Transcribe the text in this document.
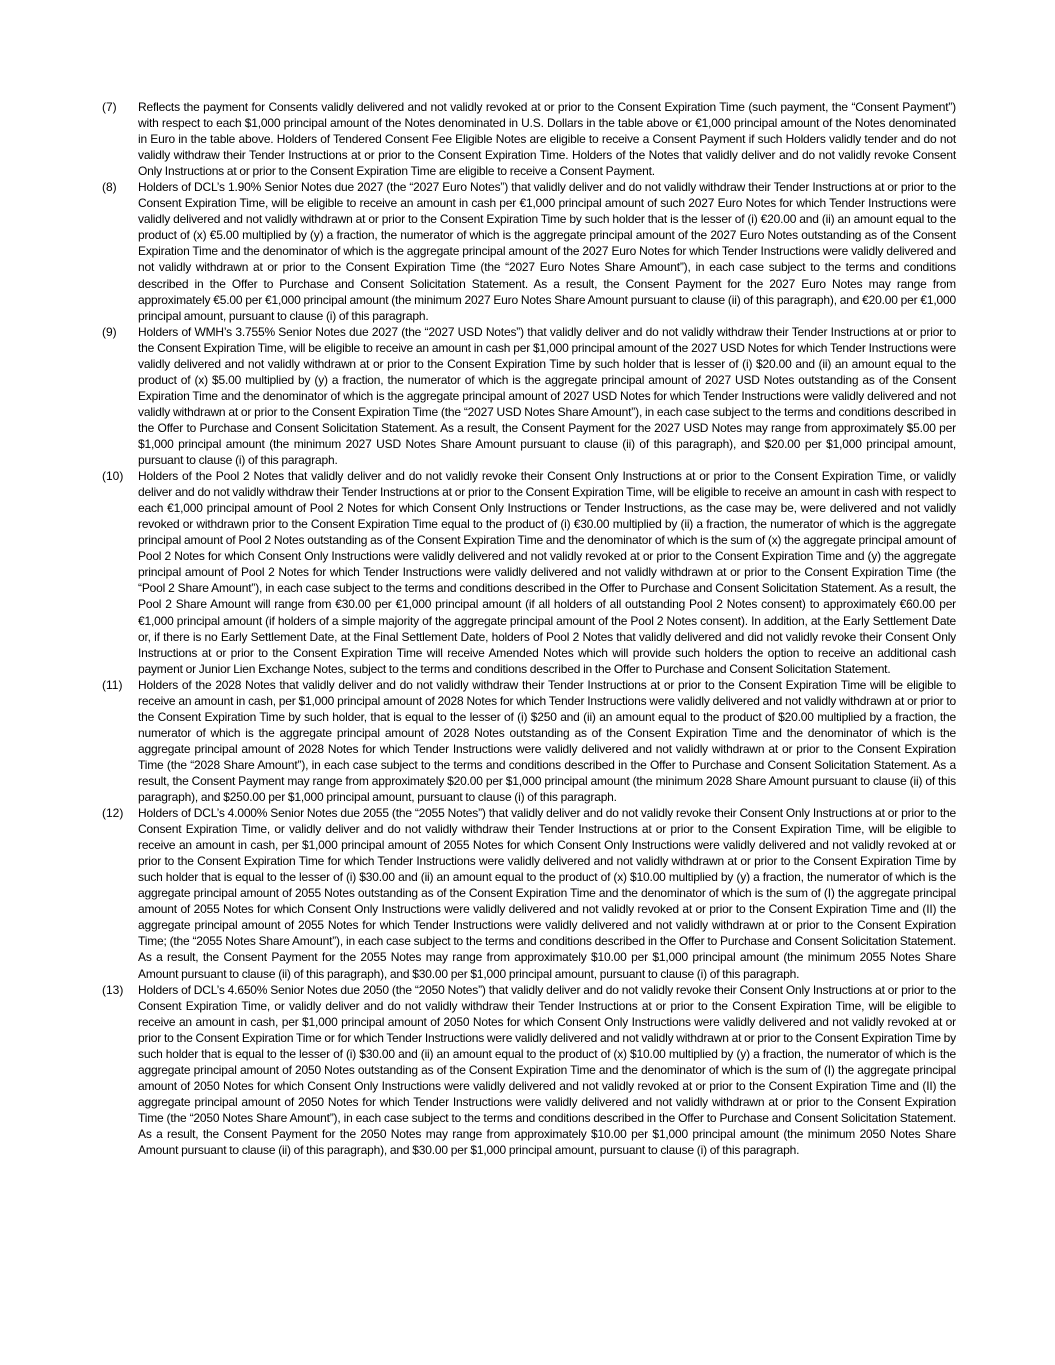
(7) Reflects the payment for Consents validly delivered and not validly revoked at or prior to the Consent Expiration Time (such payment, the “Consent Payment”) with respect to each $1,000 principal amount of the Notes denominated in U.S. Dollars in the table above or €1,000 principal amount of the Notes denominated in Euro in the table above. Holders of Tendered Consent Fee Eligible Notes are eligible to receive a Consent Payment if such Holders validly tender and do not validly withdraw their Tender Instructions at or prior to the Consent Expiration Time. Holders of the Notes that validly deliver and do not validly revoke Consent Only Instructions at or prior to the Consent Expiration Time are eligible to receive a Consent Payment.
(8) Holders of DCL’s 1.90% Senior Notes due 2027 (the “2027 Euro Notes”) that validly deliver and do not validly withdraw their Tender Instructions at or prior to the Consent Expiration Time, will be eligible to receive an amount in cash per €1,000 principal amount of such 2027 Euro Notes for which Tender Instructions were validly delivered and not validly withdrawn at or prior to the Consent Expiration Time by such holder that is the lesser of (i) €20.00 and (ii) an amount equal to the product of (x) €5.00 multiplied by (y) a fraction, the numerator of which is the aggregate principal amount of the 2027 Euro Notes outstanding as of the Consent Expiration Time and the denominator of which is the aggregate principal amount of the 2027 Euro Notes for which Tender Instructions were validly delivered and not validly withdrawn at or prior to the Consent Expiration Time (the “2027 Euro Notes Share Amount”), in each case subject to the terms and conditions described in the Offer to Purchase and Consent Solicitation Statement. As a result, the Consent Payment for the 2027 Euro Notes may range from approximately €5.00 per €1,000 principal amount (the minimum 2027 Euro Notes Share Amount pursuant to clause (ii) of this paragraph), and €20.00 per €1,000 principal amount, pursuant to clause (i) of this paragraph.
(9) Holders of WMH’s 3.755% Senior Notes due 2027 (the “2027 USD Notes”) that validly deliver and do not validly withdraw their Tender Instructions at or prior to the Consent Expiration Time, will be eligible to receive an amount in cash per $1,000 principal amount of the 2027 USD Notes for which Tender Instructions were validly delivered and not validly withdrawn at or prior to the Consent Expiration Time by such holder that is lesser of (i) $20.00 and (ii) an amount equal to the product of (x) $5.00 multiplied by (y) a fraction, the numerator of which is the aggregate principal amount of 2027 USD Notes outstanding as of the Consent Expiration Time and the denominator of which is the aggregate principal amount of 2027 USD Notes for which Tender Instructions were validly delivered and not validly withdrawn at or prior to the Consent Expiration Time (the “2027 USD Notes Share Amount”), in each case subject to the terms and conditions described in the Offer to Purchase and Consent Solicitation Statement. As a result, the Consent Payment for the 2027 USD Notes may range from approximately $5.00 per $1,000 principal amount (the minimum 2027 USD Notes Share Amount pursuant to clause (ii) of this paragraph), and $20.00 per $1,000 principal amount, pursuant to clause (i) of this paragraph.
(10) Holders of the Pool 2 Notes that validly deliver and do not validly revoke their Consent Only Instructions at or prior to the Consent Expiration Time, or validly deliver and do not validly withdraw their Tender Instructions at or prior to the Consent Expiration Time, will be eligible to receive an amount in cash with respect to each €1,000 principal amount of Pool 2 Notes for which Consent Only Instructions or Tender Instructions, as the case may be, were delivered and not validly revoked or withdrawn prior to the Consent Expiration Time equal to the product of (i) €30.00 multiplied by (ii) a fraction, the numerator of which is the aggregate principal amount of Pool 2 Notes outstanding as of the Consent Expiration Time and the denominator of which is the sum of (x) the aggregate principal amount of Pool 2 Notes for which Consent Only Instructions were validly delivered and not validly revoked at or prior to the Consent Expiration Time and (y) the aggregate principal amount of Pool 2 Notes for which Tender Instructions were validly delivered and not validly withdrawn at or prior to the Consent Expiration Time (the “Pool 2 Share Amount”), in each case subject to the terms and conditions described in the Offer to Purchase and Consent Solicitation Statement. As a result, the Pool 2 Share Amount will range from €30.00 per €1,000 principal amount (if all holders of all outstanding Pool 2 Notes consent) to approximately €60.00 per €1,000 principal amount (if holders of a simple majority of the aggregate principal amount of the Pool 2 Notes consent). In addition, at the Early Settlement Date or, if there is no Early Settlement Date, at the Final Settlement Date, holders of Pool 2 Notes that validly delivered and did not validly revoke their Consent Only Instructions at or prior to the Consent Expiration Time will receive Amended Notes which will provide such holders the option to receive an additional cash payment or Junior Lien Exchange Notes, subject to the terms and conditions described in the Offer to Purchase and Consent Solicitation Statement.
(11) Holders of the 2028 Notes that validly deliver and do not validly withdraw their Tender Instructions at or prior to the Consent Expiration Time will be eligible to receive an amount in cash, per $1,000 principal amount of 2028 Notes for which Tender Instructions were validly delivered and not validly withdrawn at or prior to the Consent Expiration Time by such holder, that is equal to the lesser of (i) $250 and (ii) an amount equal to the product of $20.00 multiplied by a fraction, the numerator of which is the aggregate principal amount of 2028 Notes outstanding as of the Consent Expiration Time and the denominator of which is the aggregate principal amount of 2028 Notes for which Tender Instructions were validly delivered and not validly withdrawn at or prior to the Consent Expiration Time (the “2028 Share Amount”), in each case subject to the terms and conditions described in the Offer to Purchase and Consent Solicitation Statement. As a result, the Consent Payment may range from approximately $20.00 per $1,000 principal amount (the minimum 2028 Share Amount pursuant to clause (ii) of this paragraph), and $250.00 per $1,000 principal amount, pursuant to clause (i) of this paragraph.
(12) Holders of DCL’s 4.000% Senior Notes due 2055 (the “2055 Notes”) that validly deliver and do not validly revoke their Consent Only Instructions at or prior to the Consent Expiration Time, or validly deliver and do not validly withdraw their Tender Instructions at or prior to the Consent Expiration Time, will be eligible to receive an amount in cash, per $1,000 principal amount of 2055 Notes for which Consent Only Instructions were validly delivered and not validly revoked at or prior to the Consent Expiration Time for which Tender Instructions were validly delivered and not validly withdrawn at or prior to the Consent Expiration Time by such holder that is equal to the lesser of (i) $30.00 and (ii) an amount equal to the product of (x) $10.00 multiplied by (y) a fraction, the numerator of which is the aggregate principal amount of 2055 Notes outstanding as of the Consent Expiration Time and the denominator of which is the sum of (I) the aggregate principal amount of 2055 Notes for which Consent Only Instructions were validly delivered and not validly revoked at or prior to the Consent Expiration Time and (II) the aggregate principal amount of 2055 Notes for which Tender Instructions were validly delivered and not validly withdrawn at or prior to the Consent Expiration Time; (the “2055 Notes Share Amount”), in each case subject to the terms and conditions described in the Offer to Purchase and Consent Solicitation Statement. As a result, the Consent Payment for the 2055 Notes may range from approximately $10.00 per $1,000 principal amount (the minimum 2055 Notes Share Amount pursuant to clause (ii) of this paragraph), and $30.00 per $1,000 principal amount, pursuant to clause (i) of this paragraph.
(13) Holders of DCL’s 4.650% Senior Notes due 2050 (the “2050 Notes”) that validly deliver and do not validly revoke their Consent Only Instructions at or prior to the Consent Expiration Time, or validly deliver and do not validly withdraw their Tender Instructions at or prior to the Consent Expiration Time, will be eligible to receive an amount in cash, per $1,000 principal amount of 2050 Notes for which Consent Only Instructions were validly delivered and not validly revoked at or prior to the Consent Expiration Time or for which Tender Instructions were validly delivered and not validly withdrawn at or prior to the Consent Expiration Time by such holder that is equal to the lesser of (i) $30.00 and (ii) an amount equal to the product of (x) $10.00 multiplied by (y) a fraction, the numerator of which is the aggregate principal amount of 2050 Notes outstanding as of the Consent Expiration Time and the denominator of which is the sum of (I) the aggregate principal amount of 2050 Notes for which Consent Only Instructions were validly delivered and not validly revoked at or prior to the Consent Expiration Time and (II) the aggregate principal amount of 2050 Notes for which Tender Instructions were validly delivered and not validly withdrawn at or prior to the Consent Expiration Time (the “2050 Notes Share Amount”), in each case subject to the terms and conditions described in the Offer to Purchase and Consent Solicitation Statement. As a result, the Consent Payment for the 2050 Notes may range from approximately $10.00 per $1,000 principal amount (the minimum 2050 Notes Share Amount pursuant to clause (ii) of this paragraph), and $30.00 per $1,000 principal amount, pursuant to clause (i) of this paragraph.
